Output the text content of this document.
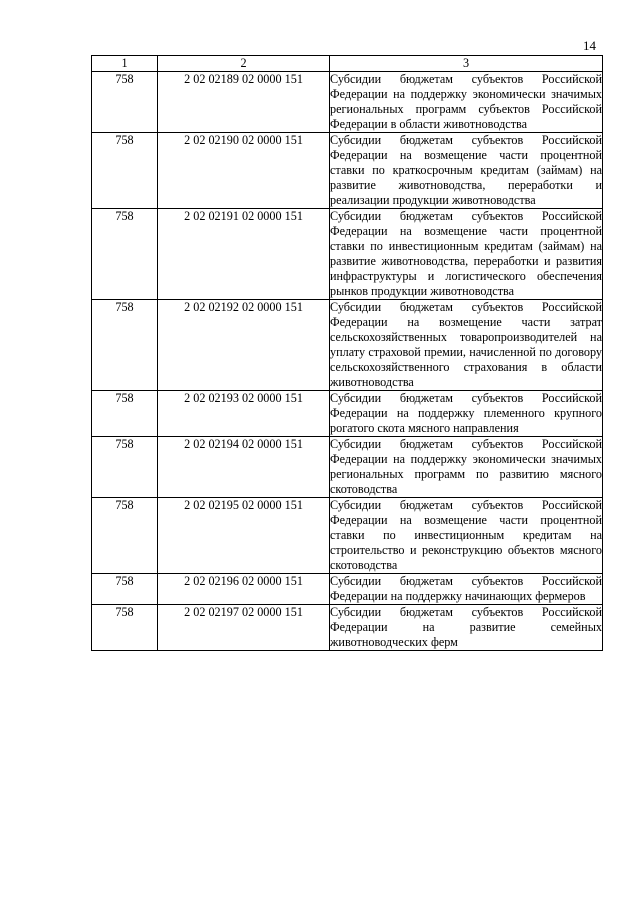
14
1	2	3
758	2 02 02189 02 0000 151	Субсидии бюджетам субъектов Российской Федерации на поддержку экономически значимых региональных программ субъектов Российской Федерации в области животноводства
758	2 02 02190 02 0000 151	Субсидии бюджетам субъектов Российской Федерации на возмещение части процентной ставки по краткосрочным кредитам (займам) на развитие животноводства, переработки и реализации продукции животноводства
758	2 02 02191 02 0000 151	Субсидии бюджетам субъектов Российской Федерации на возмещение части процентной ставки по инвестиционным кредитам (займам) на развитие животноводства, переработки и развития инфраструктуры и логистического обеспечения рынков продукции животноводства
758	2 02 02192 02 0000 151	Субсидии бюджетам субъектов Российской Федерации на возмещение части затрат сельскохозяйственных товаропроизводителей на уплату страховой премии, начисленной по договору сельскохозяйственного страхования в области животноводства
758	2 02 02193 02 0000 151	Субсидии бюджетам субъектов Российской Федерации на поддержку племенного крупного рогатого скота мясного направления
758	2 02 02194 02 0000 151	Субсидии бюджетам субъектов Российской Федерации на поддержку экономически значимых региональных программ по развитию мясного скотоводства
758	2 02 02195 02 0000 151	Субсидии бюджетам субъектов Российской Федерации на возмещение части процентной ставки по инвестиционным кредитам на строительство и реконструкцию объектов мясного скотоводства
758	2 02 02196 02 0000 151	Субсидии бюджетам субъектов Российской Федерации на поддержку начинающих фермеров
758	2 02 02197 02 0000 151	Субсидии бюджетам субъектов Российской Федерации на развитие семейных животноводческих ферм
